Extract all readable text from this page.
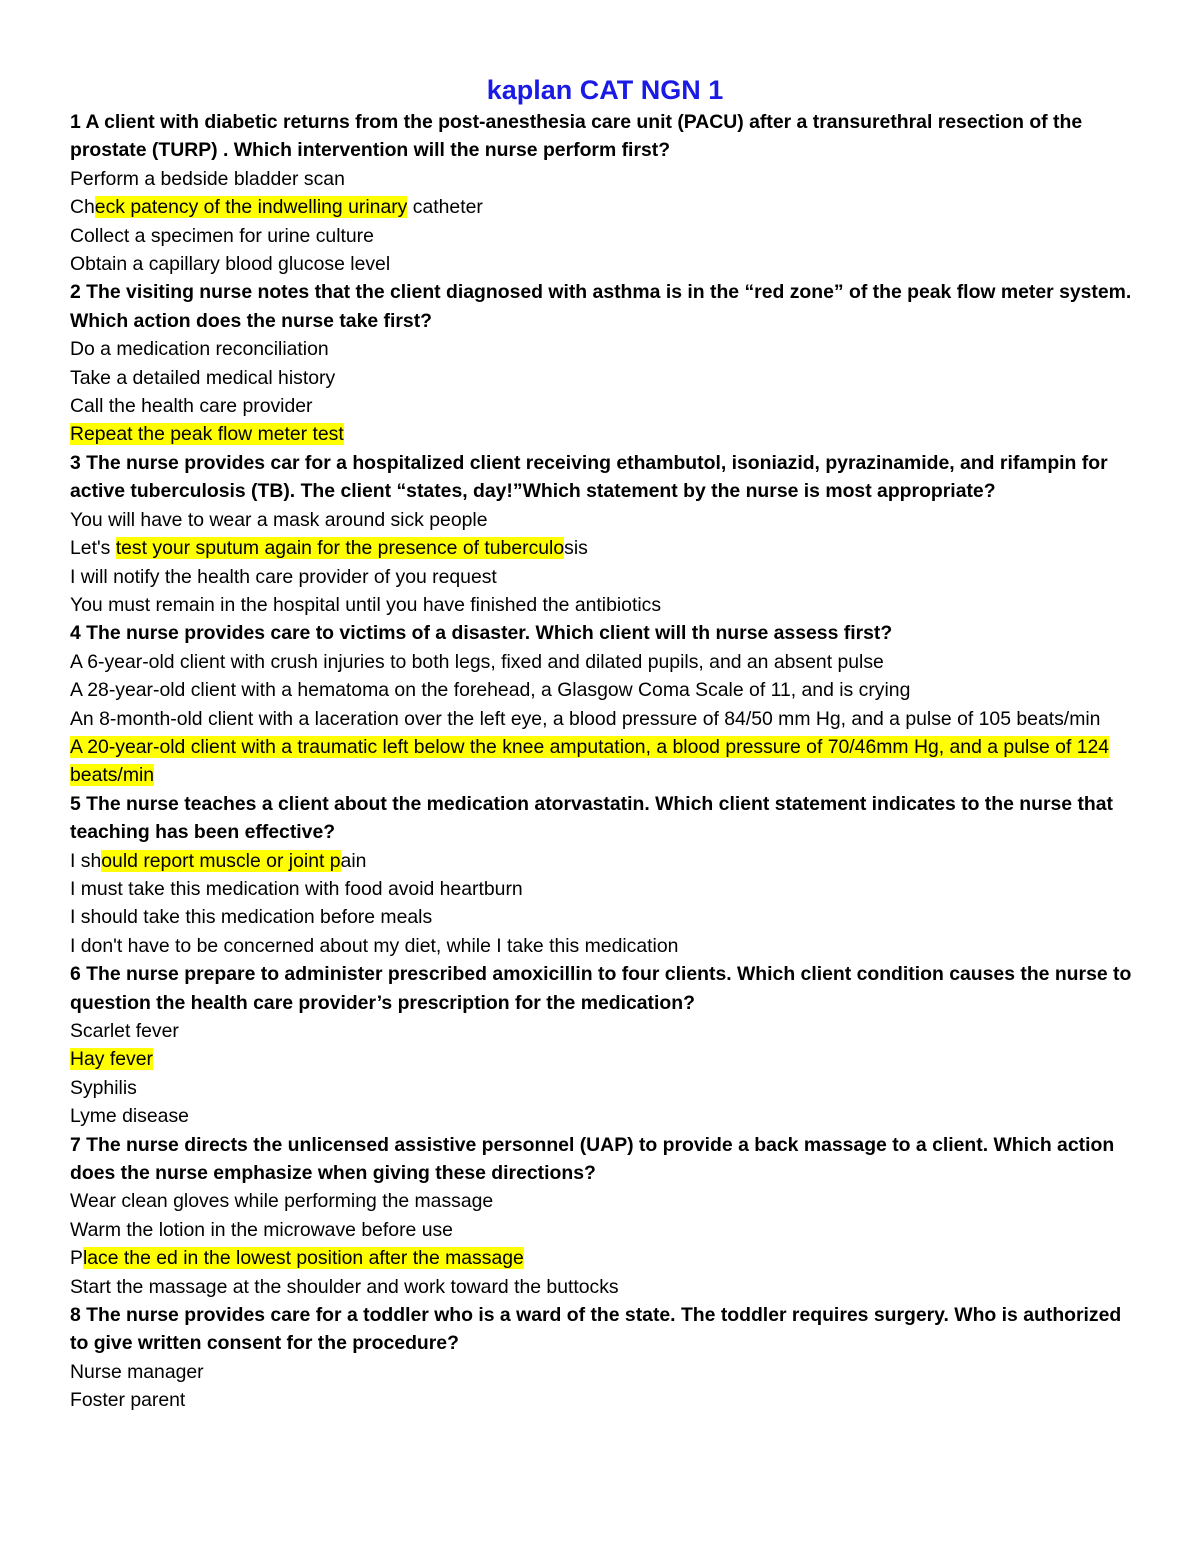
kaplan CAT NGN 1

1 A client with diabetic returns from the post-anesthesia care unit (PACU) after a transurethral resection of the prostate (TURP) . Which intervention will the nurse perform first?

Perform a bedside bladder scan

Check patency of the indwelling urinary catheter

Collect a specimen for urine culture

Obtain a capillary blood glucose level

2 The visiting nurse notes that the client diagnosed with asthma is in the “red zone” of the peak flow meter system. Which action does the nurse take first?

Do a medication reconciliation

Take a detailed medical history

Call the health care provider

Repeat the peak flow meter test

3 The nurse provides car for a hospitalized client receiving ethambutol, isoniazid, pyrazinamide, and rifampin for active tuberculosis (TB). The client “states, day!”Which statement by the nurse is most appropriate?

You will have to wear a mask around sick people

Let's test your sputum again for the presence of tuberculosis

I will notify the health care provider of you request

You must remain in the hospital until you have finished the antibiotics

4 The nurse provides care to victims of a disaster. Which client will th nurse assess first?

A 6-year-old client with crush injuries to both legs, fixed and dilated pupils, and an absent pulse

A 28-year-old client with a hematoma on the forehead, a Glasgow Coma Scale of 11, and is crying

An 8-month-old client with a laceration over the left eye, a blood pressure of 84/50 mm Hg, and a pulse of 105 beats/min

A 20-year-old client with a traumatic left below the knee amputation, a blood pressure of 70/46mm Hg, and a pulse of 124 beats/min

5 The nurse teaches a client about the medication atorvastatin. Which client statement indicates to the nurse that teaching has been effective?

I should report muscle or joint pain

I must take this medication with food avoid heartburn

I should take this medication before meals

I don't have to be concerned about my diet, while I take this medication

6 The nurse prepare to administer prescribed amoxicillin to four clients. Which client condition causes the nurse to question the health care provider’s prescription for the medication?

Scarlet fever

Hay fever

Syphilis

Lyme disease

7 The nurse directs the unlicensed assistive personnel (UAP) to provide a back massage to a client. Which action does the nurse emphasize when giving these directions?

Wear clean gloves while performing the massage

Warm the lotion in the microwave before use

Place the ed in the lowest position after the massage

Start the massage at the shoulder and work toward the buttocks

8 The nurse provides care for a toddler who is a ward of the state. The toddler requires surgery. Who is authorized to give written consent for the procedure?

Nurse manager

Foster parent
